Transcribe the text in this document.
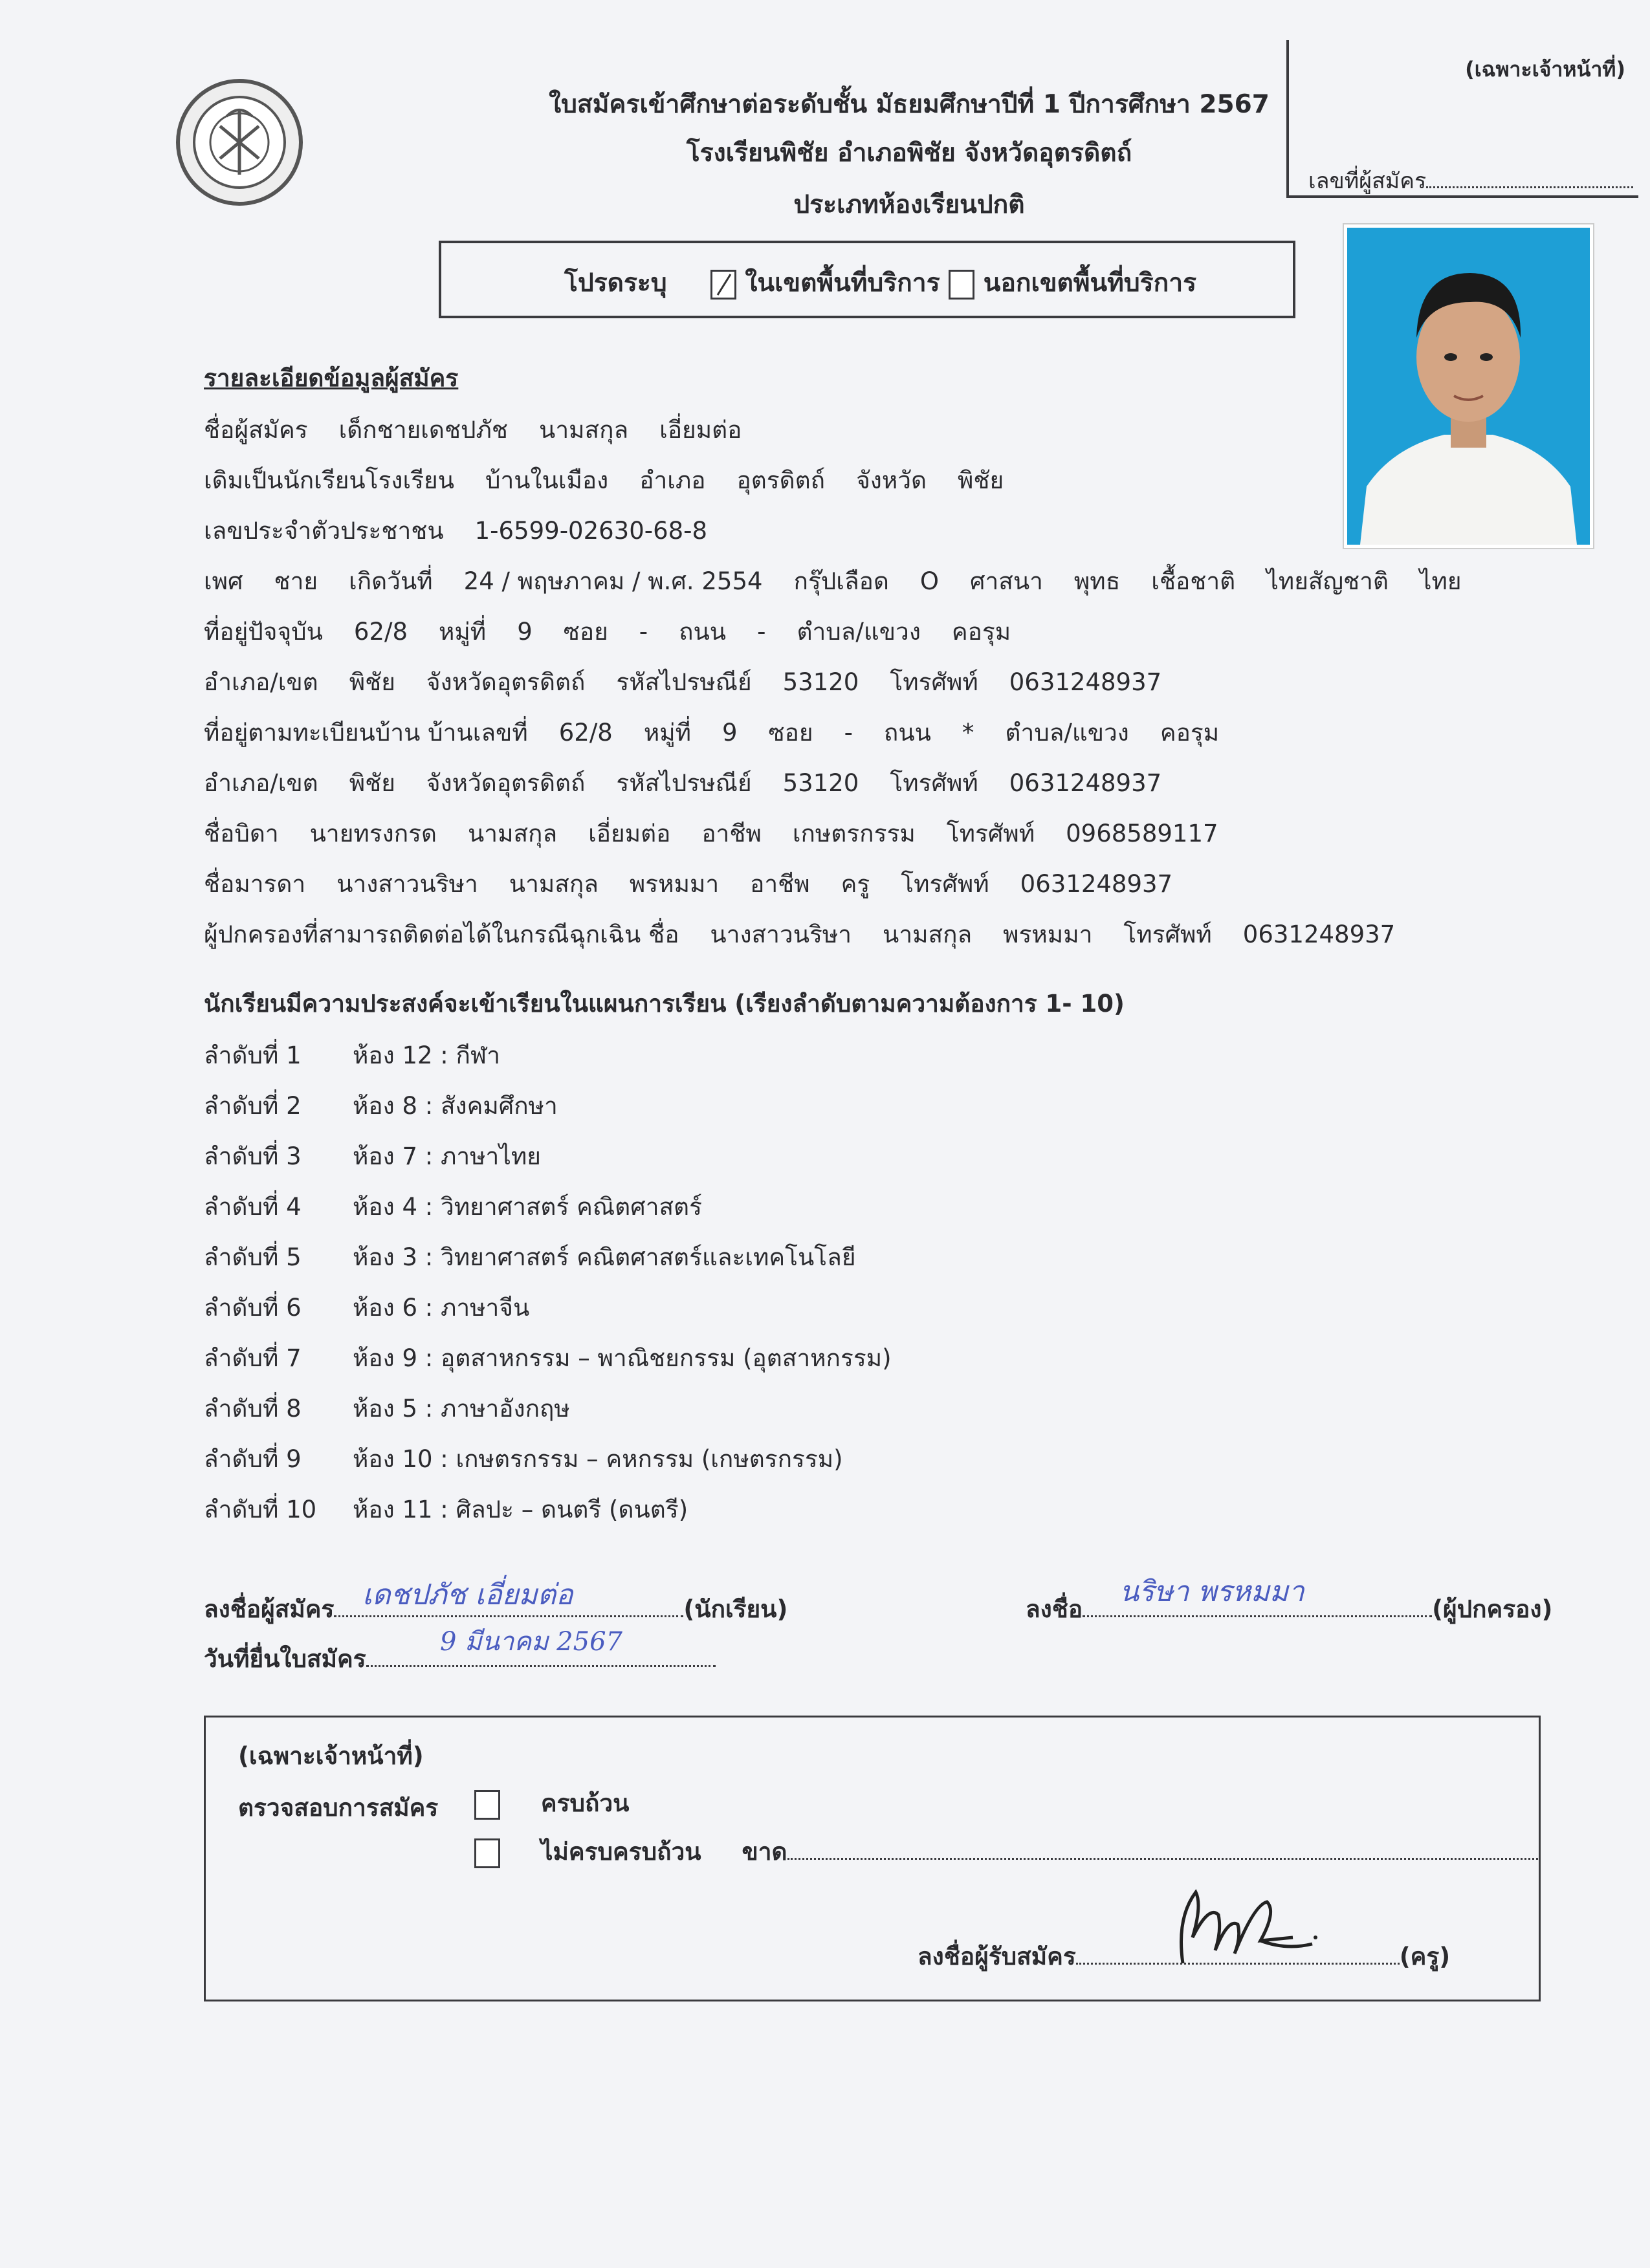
ใบสมัครเข้าศึกษาต่อระดับชั้น มัธยมศึกษาปีที่ 1 ปีการศึกษา 2567
โรงเรียนพิชัย อำเภอพิชัย จังหวัดอุตรดิตถ์
ประเภทห้องเรียนปกติ
(เฉพาะเจ้าหน้าที่)
เลขที่ผู้สมัคร
โปรดระบุ	ในเขตพื้นที่บริการ นอกเขตพื้นที่บริการ
รายละเอียดข้อมูลผู้สมัคร
ชื่อผู้สมัคร เด็กชายเดชปภัช นามสกุล เอี่ยมต่อ
เดิมเป็นนักเรียนโรงเรียน บ้านในเมือง อำเภอ อุตรดิตถ์ จังหวัด พิชัย
เลขประจำตัวประชาชน 1-6599-02630-68-8
เพศ ชาย เกิดวันที่ 24 / พฤษภาคม / พ.ศ. 2554 กรุ๊ปเลือด O ศาสนา พุทธ เชื้อชาติ ไทยสัญชาติ ไทย
ที่อยู่ปัจจุบัน 62/8 หมู่ที่ 9 ซอย - ถนน - ตำบล/แขวง คอรุม
อำเภอ/เขต พิชัย จังหวัดอุตรดิตถ์ รหัสไปรษณีย์ 53120 โทรศัพท์ 0631248937
ที่อยู่ตามทะเบียนบ้าน บ้านเลขที่ 62/8 หมู่ที่ 9 ซอย - ถนน * ตำบล/แขวง คอรุม
อำเภอ/เขต พิชัย จังหวัดอุตรดิตถ์ รหัสไปรษณีย์ 53120 โทรศัพท์ 0631248937
ชื่อบิดา นายทรงกรด นามสกุล เอี่ยมต่อ อาชีพ เกษตรกรรม โทรศัพท์ 0968589117
ชื่อมารดา นางสาวนริษา นามสกุล พรหมมา อาชีพ ครู โทรศัพท์ 0631248937
ผู้ปกครองที่สามารถติดต่อได้ในกรณีฉุกเฉิน ชื่อ นางสาวนริษา นามสกุล พรหมมา โทรศัพท์ 0631248937
นักเรียนมีความประสงค์จะเข้าเรียนในแผนการเรียน (เรียงลำดับตามความต้องการ 1- 10)
ลำดับที่ 1 ห้อง 12 : กีฬา
ลำดับที่ 2 ห้อง 8 : สังคมศึกษา
ลำดับที่ 3 ห้อง 7 : ภาษาไทย
ลำดับที่ 4 ห้อง 4 : วิทยาศาสตร์ คณิตศาสตร์
ลำดับที่ 5 ห้อง 3 : วิทยาศาสตร์ คณิตศาสตร์และเทคโนโลยี
ลำดับที่ 6 ห้อง 6 : ภาษาจีน
ลำดับที่ 7 ห้อง 9 : อุตสาหกรรม – พาณิชยกรรม (อุตสาหกรรม)
ลำดับที่ 8 ห้อง 5 : ภาษาอังกฤษ
ลำดับที่ 9 ห้อง 10 : เกษตรกรรม – คหกรรม (เกษตรกรรม)
ลำดับที่ 10 ห้อง 11 : ศิลปะ – ดนตรี (ดนตรี)
ลงชื่อผู้สมัคร	(นักเรียน)
เดชปภัช เอี่ยมต่อ	ลงชื่อ	(ผู้ปกครอง)
นริษา พรหมมา
วันที่ยื่นใบสมัคร
9 มีนาคม 2567
(เฉพาะเจ้าหน้าที่)
ตรวจสอบการสมัคร	ครบถ้วน
ไม่ครบครบถ้วน ขาด
ลงชื่อผู้รับสมัคร	(ครู)
